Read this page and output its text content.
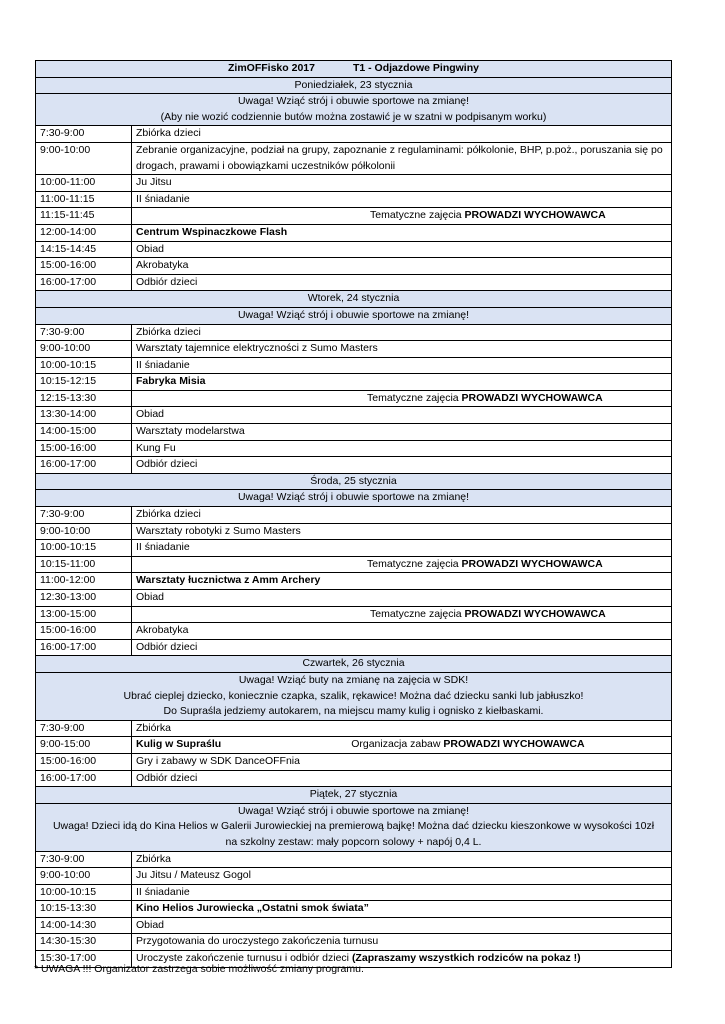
ZimOFFisko 2017 T1 - Odjazdowe Pingwiny	
Poniedziałek, 23 stycznia	

Uwaga! Wziąć strój i obuwie sportowe na zmianę!
(Aby nie wozić codziennie butów można zostawić je w szatni w podpisanym worku)	

7:30-9:00	Zbiórka dzieci
9:00-10:00	Zebranie organizacyjne, podział na grupy, zapoznanie z regulaminami: półkolonie, BHP, p.poż., poruszania się po drogach, prawami i obowiązkami uczestników półkolonii
10:00-11:00	Ju Jitsu
11:00-11:15	II śniadanie
11:15-11:45	Tematyczne zajęcia PROWADZI WYCHOWAWCA
12:00-14:00	Centrum Wspinaczkowe Flash
14:15-14:45	Obiad
15:00-16:00	Akrobatyka
16:00-17:00	Odbiór dzieci
Wtorek, 24 stycznia	

Uwaga! Wziąć strój i obuwie sportowe na zmianę!	

7:30-9:00	Zbiórka dzieci
9:00-10:00	Warsztaty tajemnice elektryczności z Sumo Masters
10:00-10:15	II śniadanie
10:15-12:15	Fabryka Misia
12:15-13:30	Tematyczne zajęcia PROWADZI WYCHOWAWCA
13:30-14:00	Obiad
14:00-15:00	Warsztaty modelarstwa
15:00-16:00	Kung Fu
16:00-17:00	Odbiór dzieci
Środa, 25 stycznia	

Uwaga! Wziąć strój i obuwie sportowe na zmianę!	

7:30-9:00	Zbiórka dzieci
9:00-10:00	Warsztaty robotyki z Sumo Masters
10:00-10:15	II śniadanie
10:15-11:00	Tematyczne zajęcia PROWADZI WYCHOWAWCA
11:00-12:00	Warsztaty łucznictwa z Amm Archery
12:30-13:00	Obiad
13:00-15:00	Tematyczne zajęcia PROWADZI WYCHOWAWCA
15:00-16:00	Akrobatyka
16:00-17:00	Odbiór dzieci
Czwartek, 26 stycznia	

Uwaga! Wziąć buty na zmianę na zajęcia w SDK!
Ubrać cieplej dziecko, koniecznie czapka, szalik, rękawice! Można dać dziecku sanki lub jabłuszko!
Do Supraśla jedziemy autokarem, na miejscu mamy kulig i ognisko z kiełbaskami.	

7:30-9:00	Zbiórka
9:00-15:00	Kulig w Supraślu Organizacja zabaw PROWADZI WYCHOWAWCA
15:00-16:00	Gry i zabawy w SDK DanceOFFnia
16:00-17:00	Odbiór dzieci
Piątek, 27 stycznia	

Uwaga! Wziąć strój i obuwie sportowe na zmianę!
Uwaga! Dzieci idą do Kina Helios w Galerii Jurowieckiej na premierową bajkę! Można dać dziecku kieszonkowe w wysokości 10zł
na szkolny zestaw: mały popcorn solowy + napój 0,4 L.	

7:30-9:00	Zbiórka
9:00-10:00	Ju Jitsu / Mateusz Gogol
10:00-10:15	II śniadanie
10:15-13:30	Kino Helios Jurowiecka „Ostatni smok świata”
14:00-14:30	Obiad
14:30-15:30	Przygotowania do uroczystego zakończenia turnusu
15:30-17:00	Uroczyste zakończenie turnusu i odbiór dzieci (Zapraszamy wszystkich rodziców na pokaz !)
* UWAGA !!! Organizator zastrzega sobie możliwość zmiany programu.
